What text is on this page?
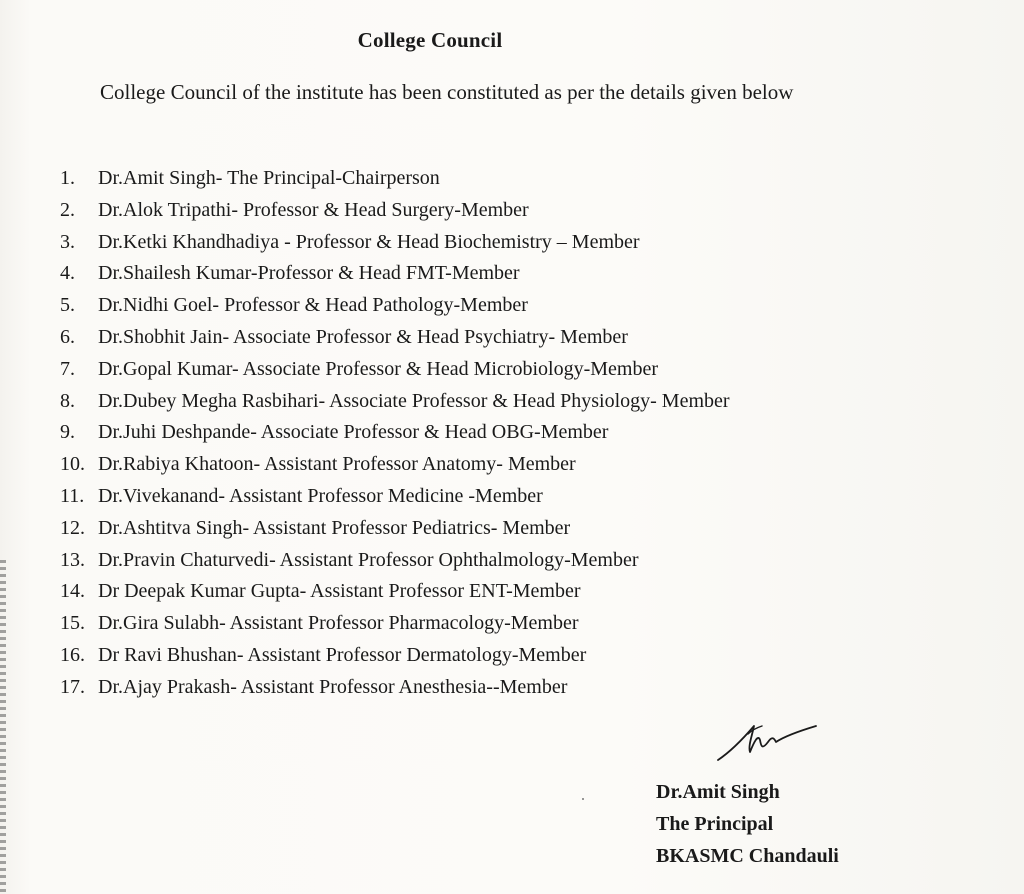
College Council
College Council of the institute has been constituted as per the details given below
1. Dr.Amit Singh- The Principal-Chairperson
2. Dr.Alok Tripathi- Professor & Head Surgery-Member
3. Dr.Ketki Khandhadiya - Professor & Head Biochemistry – Member
4. Dr.Shailesh Kumar-Professor & Head FMT-Member
5. Dr.Nidhi Goel- Professor & Head Pathology-Member
6. Dr.Shobhit Jain- Associate Professor & Head Psychiatry- Member
7. Dr.Gopal Kumar- Associate Professor & Head Microbiology-Member
8. Dr.Dubey Megha Rasbihari- Associate Professor & Head Physiology- Member
9. Dr.Juhi Deshpande- Associate Professor & Head OBG-Member
10. Dr.Rabiya Khatoon- Assistant Professor Anatomy- Member
11. Dr.Vivekanand- Assistant Professor Medicine -Member
12. Dr.Ashtitva Singh- Assistant Professor Pediatrics- Member
13. Dr.Pravin Chaturvedi- Assistant Professor Ophthalmology-Member
14. Dr Deepak Kumar Gupta- Assistant Professor ENT-Member
15. Dr.Gira Sulabh- Assistant Professor Pharmacology-Member
16. Dr Ravi Bhushan- Assistant Professor Dermatology-Member
17. Dr.Ajay Prakash- Assistant Professor Anesthesia--Member
Dr.Amit Singh
The Principal
BKASMC Chandauli
